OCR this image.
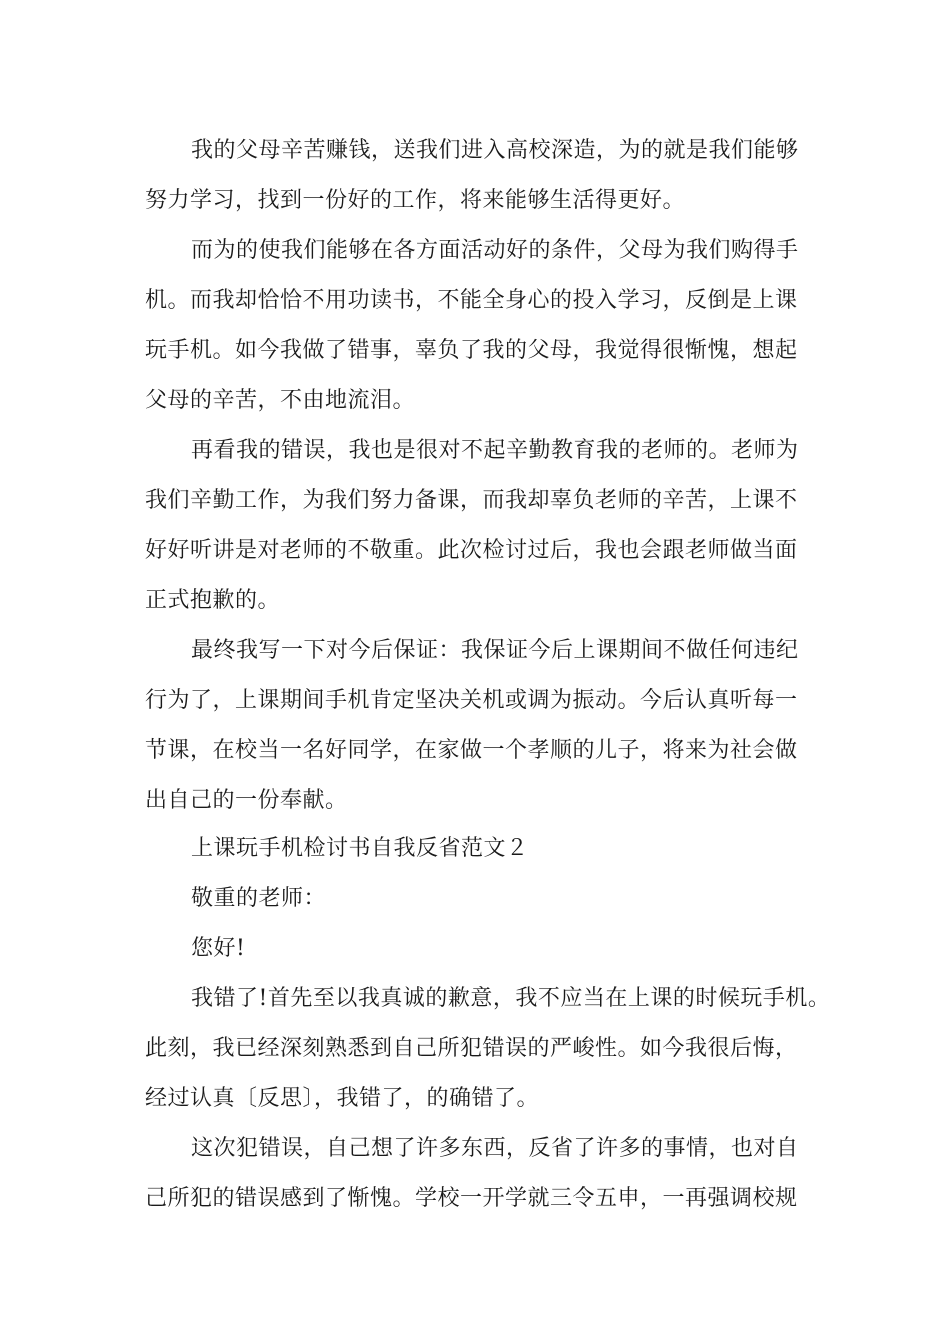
我的父母辛苦赚钱，送我们进入高校深造，为的就是我们能够
努力学习，找到一份好的工作，将来能够生活得更好。
而为的使我们能够在各方面活动好的条件，父母为我们购得手
机。而我却恰恰不用功读书，不能全身心的投入学习，反倒是上课
玩手机。如今我做了错事，辜负了我的父母，我觉得很惭愧，想起
父母的辛苦，不由地流泪。
再看我的错误，我也是很对不起辛勤教育我的老师的。老师为
我们辛勤工作，为我们努力备课，而我却辜负老师的辛苦，上课不
好好听讲是对老师的不敬重。此次检讨过后，我也会跟老师做当面
正式抱歉的。
最终我写一下对今后保证：我保证今后上课期间不做任何违纪
行为了，上课期间手机肯定坚决关机或调为振动。今后认真听每一
节课，在校当一名好同学，在家做一个孝顺的儿子，将来为社会做
出自己的一份奉献。
上课玩手机检讨书自我反省范文２
敬重的老师：
您好!
我错了!首先至以我真诚的歉意，我不应当在上课的时候玩手机。
此刻，我已经深刻熟悉到自己所犯错误的严峻性。如今我很后悔，
经过认真〔反思〕，我错了，的确错了。
这次犯错误，自己想了许多东西，反省了许多的事情，也对自
己所犯的错误感到了惭愧。学校一开学就三令五申，一再强调校规
